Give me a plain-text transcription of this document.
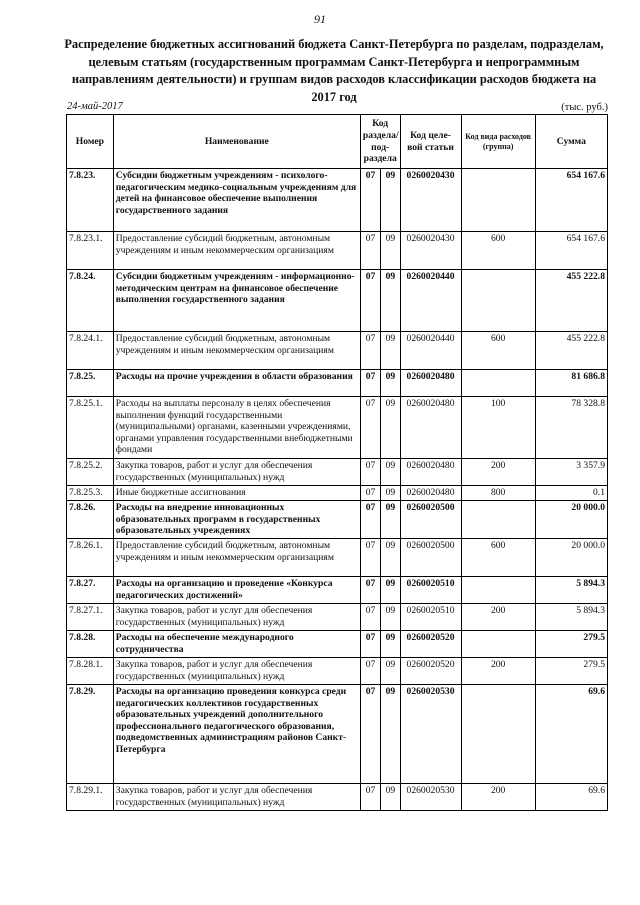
91
Распределение бюджетных ассигнований бюджета Санкт-Петербурга по разделам, подразделам, целевым статьям (государственным программам Санкт-Петербурга и непрограммным направлениям деятельности) и группам видов расходов классификации расходов бюджета на 2017 год
24-май-2017	(тыс. руб.)
Номер	Наименование	Код раздела/ под-раздела		Код целе-вой статьи	Код вида расходов (группа)	Сумма
7.8.23.	Субсидии бюджетным учреждениям - психолого-педагогическим медико-социальным учреждениям для детей на финансовое обеспечение выполнения государственного задания	07	09	0260020430		654 167.6
7.8.23.1.	Предоставление субсидий бюджетным, автономным учреждениям и иным некоммерческим организациям	07	09	0260020430	600	654 167.6
7.8.24.	Субсидии бюджетным учреждениям - информационно-методическим центрам на финансовое обеспечение выполнения государственного задания	07	09	0260020440		455 222.8
7.8.24.1.	Предоставление субсидий бюджетным, автономным учреждениям и иным некоммерческим организациям	07	09	0260020440	600	455 222.8
7.8.25.	Расходы на прочие учреждения в области образования	07	09	0260020480		81 686.8
7.8.25.1.	Расходы на выплаты персоналу в целях обеспечения выполнения функций государственными (муниципальными) органами, казенными учреждениями, органами управления государственными внебюджетными фондами	07	09	0260020480	100	78 328.8
7.8.25.2.	Закупка товаров, работ и услуг для обеспечения государственных (муниципальных) нужд	07	09	0260020480	200	3 357.9
7.8.25.3.	Иные бюджетные ассигнования	07	09	0260020480	800	0.1
7.8.26.	Расходы на внедрение инновационных образовательных программ в государственных образовательных учреждениях	07	09	0260020500		20 000.0
7.8.26.1.	Предоставление субсидий бюджетным, автономным учреждениям и иным некоммерческим организациям	07	09	0260020500	600	20 000.0
7.8.27.	Расходы на организацию и проведение «Конкурса педагогических достижений»	07	09	0260020510		5 894.3
7.8.27.1.	Закупка товаров, работ и услуг для обеспечения государственных (муниципальных) нужд	07	09	0260020510	200	5 894.3
7.8.28.	Расходы на обеспечение международного сотрудничества	07	09	0260020520		279.5
7.8.28.1.	Закупка товаров, работ и услуг для обеспечения государственных (муниципальных) нужд	07	09	0260020520	200	279.5
7.8.29.	Расходы на организацию проведения конкурса среди педагогических коллективов государственных образовательных учреждений дополнительного профессионального педагогического образования, подведомственных администрациям районов Санкт-Петербурга	07	09	0260020530		69.6
7.8.29.1.	Закупка товаров, работ и услуг для обеспечения государственных (муниципальных) нужд	07	09	0260020530	200	69.6
